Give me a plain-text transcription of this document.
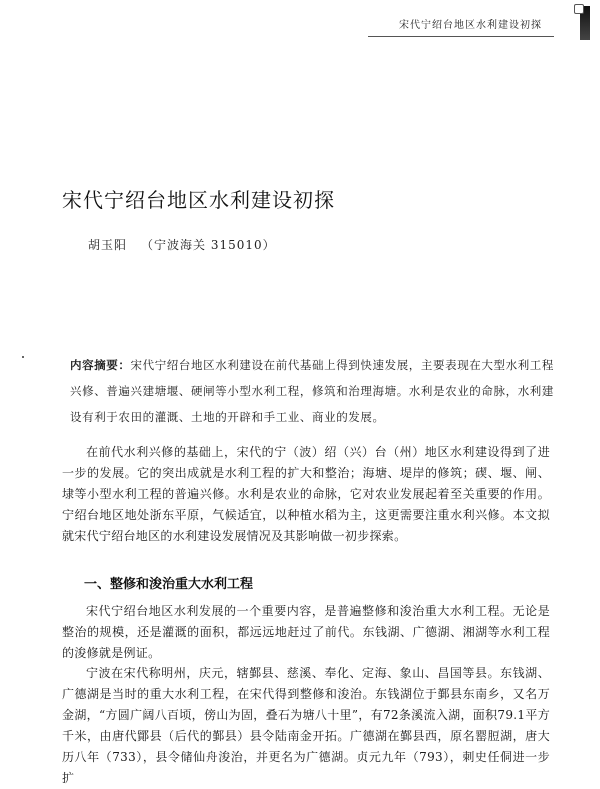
宋代宁绍台地区水利建设初探
宋代宁绍台地区水利建设初探
胡玉阳 （宁波海关 315010）
内容摘要：宋代宁绍台地区水利建设在前代基础上得到快速发展，主要表现在大型水利工程兴修、普遍兴建塘堰、硬闸等小型水利工程，修筑和治理海塘。水利是农业的命脉，水利建设有利于农田的灌溉、土地的开辟和手工业、商业的发展。

在前代水利兴修的基础上，宋代的宁（波）绍（兴）台（州）地区水利建设得到了进一步的发展。它的突出成就是水利工程的扩大和整治；海塘、堤岸的修筑；碶、堰、闸、埭等小型水利工程的普遍兴修。水利是农业的命脉，它对农业发展起着至关重要的作用。宁绍台地区地处浙东平原，气候适宜，以种植水稻为主，这更需要注重水利兴修。本文拟就宋代宁绍台地区的水利建设发展情况及其影响做一初步探索。

一、整修和浚治重大水利工程

宋代宁绍台地区水利发展的一个重要内容，是普遍整修和浚治重大水利工程。无论是整治的规模，还是灌溉的面积，都远远地赶过了前代。东钱湖、广德湖、湘湖等水利工程的浚修就是例证。

宁波在宋代称明州，庆元，辖鄞县、慈溪、奉化、定海、象山、昌国等县。东钱湖、广德湖是当时的重大水利工程，在宋代得到整修和浚治。东钱湖位于鄞县东南乡，又名万金湖，“方圆广阔八百顷，傍山为固，叠石为塘八十里”，有72条溪流入湖，面积79.1平方千米，由唐代鄮县（后代的鄞县）县令陆南金开拓。广德湖在鄞县西，原名罂脰湖，唐大历八年（733），县令储仙舟浚治，并更名为广德湖。贞元九年（793），刺史任侗进一步扩
